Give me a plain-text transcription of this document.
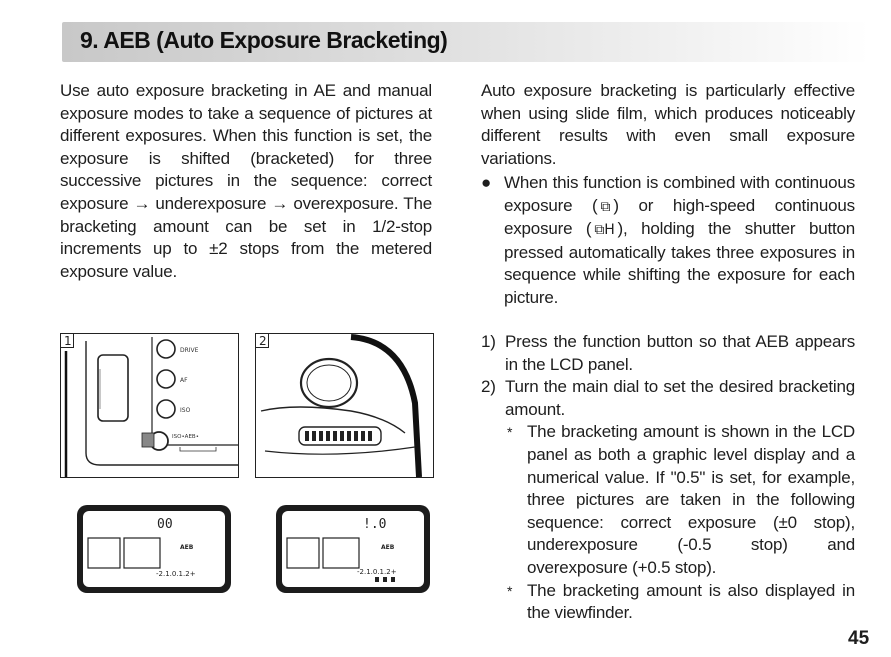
9. AEB (Auto Exposure Bracketing)

Use auto exposure bracketing in AE and manual exposure modes to take a sequence of pictures at different exposures. When this function is set, the exposure is shifted (bracketed) for three successive pictures in the sequence: correct exposure → underexposure → overexposure. The bracketing amount can be set in 1/2-stop increments up to ±2 stops from the metered exposure value.

Auto exposure bracketing is particularly effective when using slide film, which produces noticeably different results with even small exposure variations.

● When this function is combined with continuous exposure ( ⧉ ) or high-speed continuous exposure ( ⧉H ), holding the shutter button pressed automatically takes three exposures in sequence while shifting the exposure for each picture.
1) Press the function button so that AEB appears in the LCD panel.
2) Turn the main dial to set the desired bracketing amount.
* The bracketing amount is shown in the LCD panel as both a graphic level display and a numerical value. If "0.5" is set, for example, three pictures are taken in the following sequence: correct exposure (±0 stop), underexposure (-0.5 stop) and overexposure (+0.5 stop).
* The bracketing amount is also displayed in the viewfinder.
1
DRIVE
AF
ISO
ISO•AEB•
2
00
AEB
-2.1.0.1.2+
!.0
AEB
-2.1.0.1.2+
45
